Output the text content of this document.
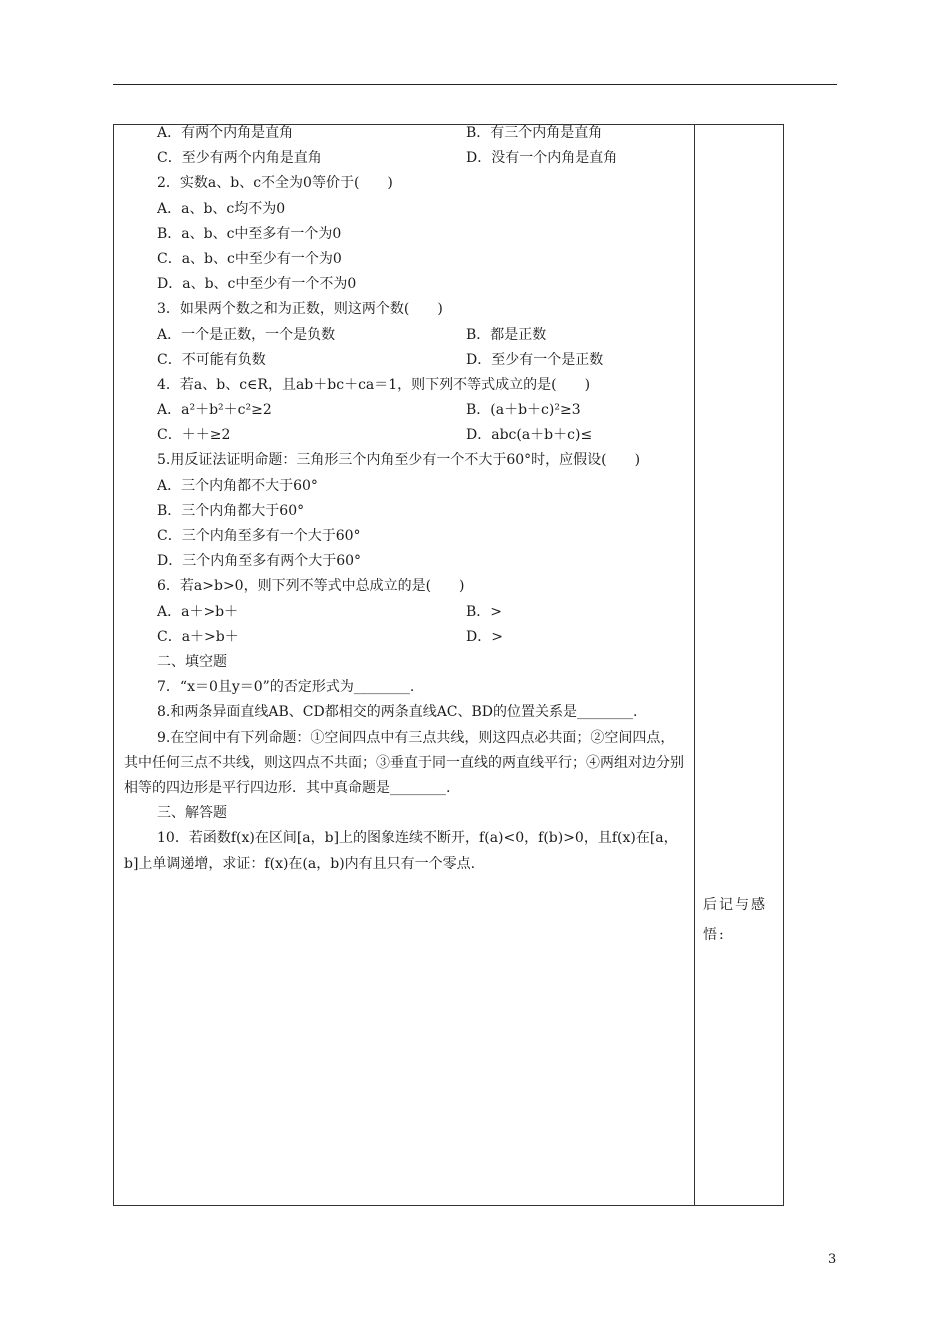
A．有两个内角是直角	B．有三个内角是直角
C．至少有两个内角是直角	D．没有一个内角是直角
2．实数a、b、c不全为0等价于(　　)
A．a、b、c均不为0
B．a、b、c中至多有一个为0
C．a、b、c中至少有一个为0
D．a、b、c中至少有一个不为0
3．如果两个数之和为正数，则这两个数(　　)
A．一个是正数，一个是负数	B．都是正数
C．不可能有负数	D．至少有一个是正数
4．若a、b、c∈R，且ab＋bc＋ca＝1，则下列不等式成立的是(　　)
A．a²＋b²＋c²≥2	B．(a＋b＋c)²≥3
C．＋＋≥2	D．abc(a＋b＋c)≤
5.用反证法证明命题：三角形三个内角至少有一个不大于60°时，应假设(　　)
A．三个内角都不大于60°
B．三个内角都大于60°
C．三个内角至多有一个大于60°
D．三个内角至多有两个大于60°
6．若a>b>0，则下列不等式中总成立的是(　　)
A．a＋>b＋	B．>
C．a＋>b＋	D．>
二、填空题
7．“x＝0且y＝0”的否定形式为________.
8.和两条异面直线AB、CD都相交的两条直线AC、BD的位置关系是________.
9.在空间中有下列命题：①空间四点中有三点共线，则这四点必共面；②空间四点，其中任何三点不共线，则这四点不共面；③垂直于同一直线的两直线平行；④两组对边分别相等的四边形是平行四边形．其中真命题是________.
三、解答题
10．若函数f(x)在区间[a，b]上的图象连续不断开，f(a)<0，f(b)>0，且f(x)在[a，b]上单调递增，求证：f(x)在(a，b)内有且只有一个零点.
后记与感悟:
3
